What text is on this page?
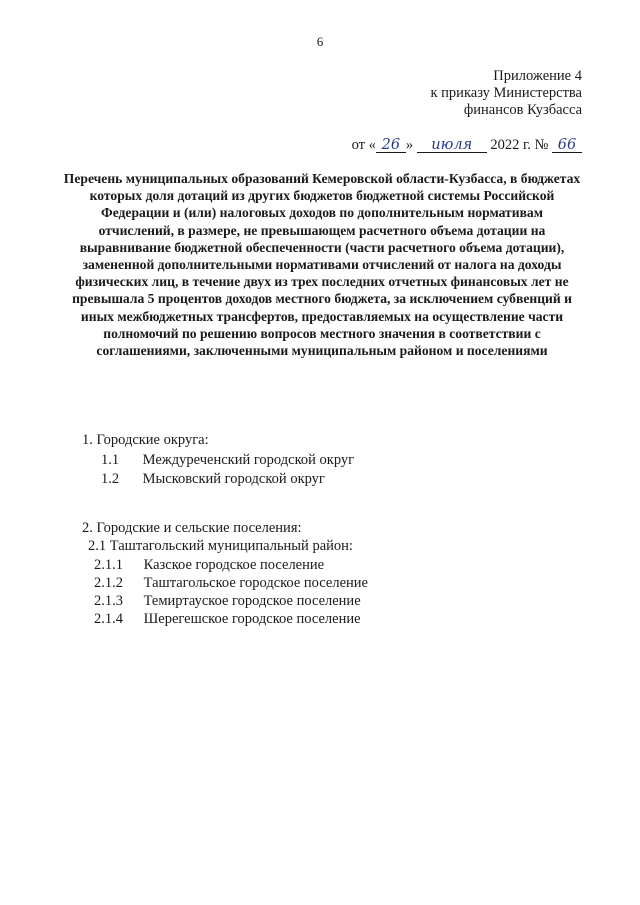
6
Приложение 4
к приказу Министерства
финансов Кузбасса
от « 26 » июля 2022 г. № 66
Перечень муниципальных образований Кемеровской области-Кузбасса, в бюджетах которых доля дотаций из других бюджетов бюджетной системы Российской Федерации и (или) налоговых доходов по дополнительным нормативам отчислений, в размере, не превышающем расчетного объема дотации на выравнивание бюджетной обеспеченности (части расчетного объема дотации), замененной дополнительными нормативами отчислений от налога на доходы физических лиц, в течение двух из трех последних отчетных финансовых лет не превышала 5 процентов доходов местного бюджета, за исключением субвенций и иных межбюджетных трансфертов, предоставляемых на осуществление части полномочий по решению вопросов местного значения в соответствии с соглашениями, заключенными муниципальным районом и поселениями
1. Городские округа:
1.1 Междуреченский городской округ
1.2 Мысковский городской округ
2. Городские и сельские поселения:
2.1 Таштагольский муниципальный район:
2.1.1 Казское городское поселение
2.1.2 Таштагольское городское поселение
2.1.3 Темиртауское городское поселение
2.1.4 Шерегешское городское поселение
